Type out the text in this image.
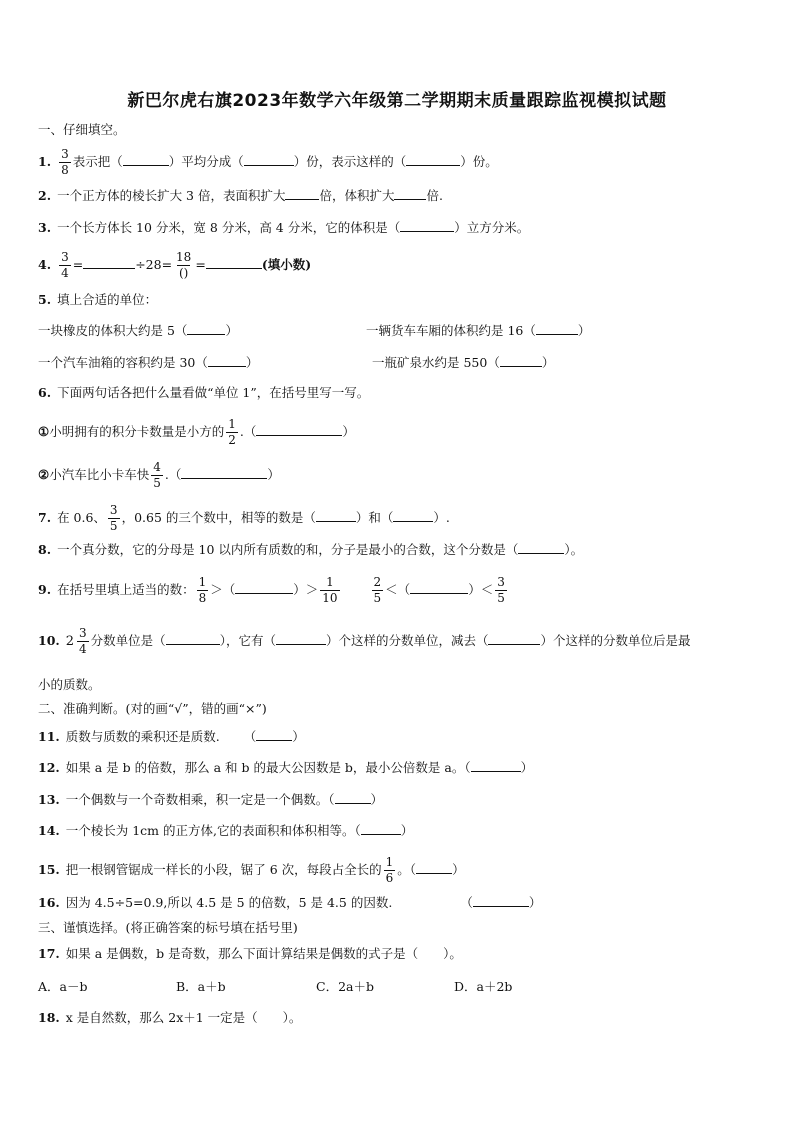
新巴尔虎右旗2023年数学六年级第二学期期末质量跟踪监视模拟试题
一、仔细填空。
1. $\frac{3}{8}$ 表示把（	）平均分成（	）份，表示这样的（	）份。
2. 一个正方体的棱长扩大 3 倍，表面积扩大	倍，体积扩大	倍.
3. 一个长方体长 10 分米，宽 8 分米，高 4 分米，它的体积是（	）立方分米。
4. $\frac{3}{4}$ =	$\div 28= \frac{18}{()}$ =	(填小数)
5. 填上合适的单位：
一块橡皮的体积大约是 5（	）	一辆货车车厢的体积约是 16（	）
一个汽车油箱的容积约是 30（	）	一瓶矿泉水约是 550（	）
6. 下面两句话各把什么量看做“单位 1”，在括号里写一写。
①小明拥有的积分卡数量是小方的 $\frac{1}{2}$ .（	）
②小汽车比小卡车快 $\frac{4}{5}$ .（	）
7. 在 0.6、 $\frac{3}{5}$ ，0.65 的三个数中，相等的数是（	）和（	）.
8. 一个真分数，它的分母是 10 以内所有质数的和，分子是最小的合数，这个分数是（	）。
9. 在括号里填上适当的数： $\frac{1}{8}$ ＞（	）＞ $\frac{1}{10}$	$\frac{2}{5}$ ＜（	）＜ $\frac{3}{5}$
10. $2 \frac{3}{4}$ 分数单位是（	），它有（	）个这样的分数单位，减去（	）个这样的分数单位后是最
小的质数。
二、准确判断。(对的画“√”，错的画“×”)
11. 质数与质数的乘积还是质数. （	）
12. 如果 a 是 b 的倍数，那么 a 和 b 的最大公因数是 b，最小公倍数是 a。（	）
13. 一个偶数与一个奇数相乘，积一定是一个偶数。（	）
14. 一个棱长为 1cm 的正方体,它的表面积和体积相等。（	）
15. 把一根钢管锯成一样长的小段，锯了 6 次，每段占全长的 $\frac{1}{6}$ 。（	）
16. 因为 4.5÷5=0.9,所以 4.5 是 5 的倍数，5 是 4.5 的因数.	（	）
三、谨慎选择。(将正确答案的标号填在括号里)
17. 如果 a 是偶数，b 是奇数，那么下面计算结果是偶数的式子是（　　）。
A．a－b	B．a＋b	C．2a＋b	D．a＋2b
18. x 是自然数，那么 2x＋1 一定是（　　）。
